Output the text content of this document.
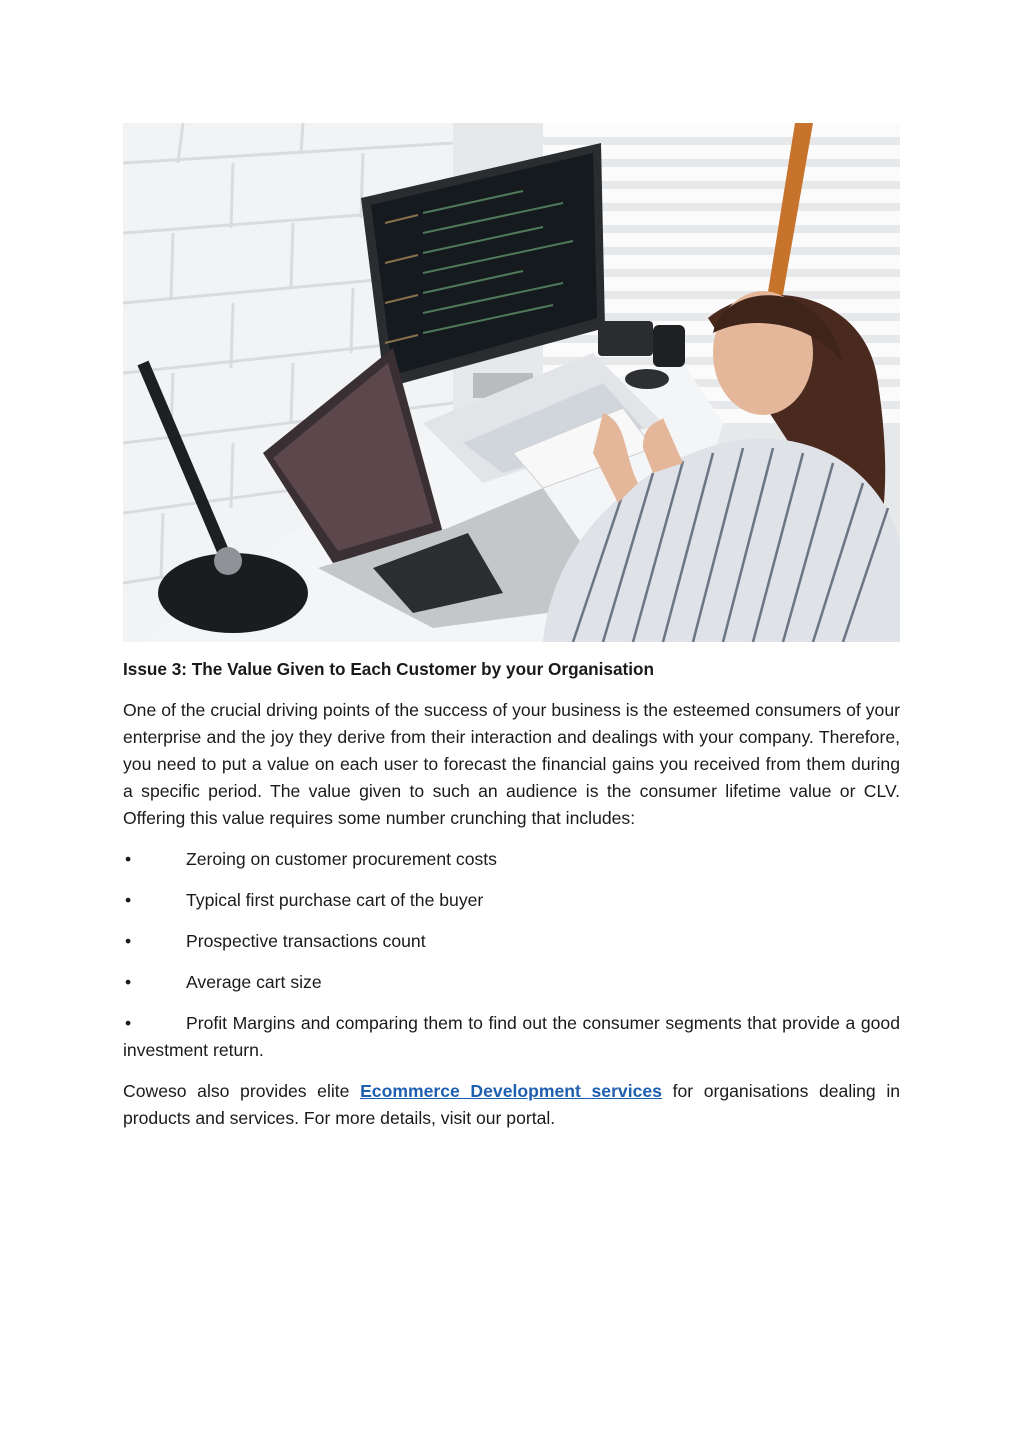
Issue 3: The Value Given to Each Customer by your Organisation

One of the crucial driving points of the success of your business is the esteemed consumers of your enterprise and the joy they derive from their interaction and dealings with your company. Therefore, you need to put a value on each user to forecast the financial gains you received from them during a specific period. The value given to such an audience is the consumer lifetime value or CLV. Offering this value requires some number crunching that includes:

•	Zeroing on customer procurement costs
•	Typical first purchase cart of the buyer
•	Prospective transactions count
•	Average cart size
•	Profit Margins and comparing them to find out the consumer segments that provide a good investment return.

Coweso also provides elite Ecommerce Development services for organisations dealing in products and services. For more details, visit our portal.
